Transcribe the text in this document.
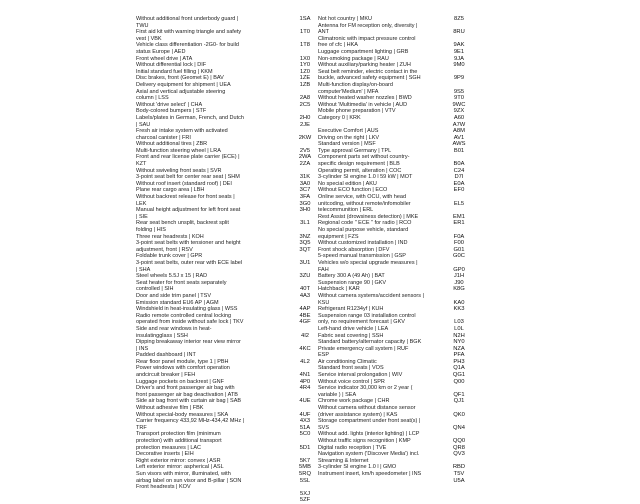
Without additional front underbody guard |
TWU
First aid kit with warning triangle and safety
vest | VBK
Vehicle class differentiation -2G0- for build
status Europe | AED
Front wheel drive | ATA
Without differential lock | DIF
Initial standard fuel filling | KKM
Disc brakes, front (Geomet E) | BAV
Delivery equipment for shipment | UEA
Axial and vertical adjustable steering
column | LSS
Without 'drive select' | CHA
Body-colored bumpers | STF
Labels/plates in German, French, and Dutch
| SAU
Fresh air intake system with activated
charcoal canister | FRI
Without additional tires | ZBR
Multi-function steering wheel | LRA
Front and rear license plate carrier (ECE) |
KZT
Without swiveling front seats | SVR
3-point seat belt for center rear seat | SHM
Without roof insert (standard roof) | DEI
Plane rear cargo area | LBH
Without backrest release for front seats |
LEK
Manual height adjustment for left front seat
| SIE
Rear seat bench unsplit, backrest split
folding | HIS
Three rear headrests | KOH
3-point seat belts with tensioner and height
adjustment, front | RSV
Foldable trunk cover | GPR
3-point seat belts, outer rear with ECE label
| SHA
Steel wheels 5.5J x 15 | RAD
Seat heater for front seats separately
controlled | SIH
Door and side trim panel | TSV
Emission standard EU6 AP | AGM
Windshield in heat-insulating glass | WSS
Radio remote controlled central locking
operated from inside without safe lock | TKV
Side and rear windows in heat-
insulatingglass | SSH
Dipping breakaway interior rear view mirror
| INS
Padded dashboard | INT
Rear floor panel module, type 1 | PBH
Power windows with comfort operation
andcircuit breaker | FEH
Luggage pockets on backrest | GNF
Driver's and front passenger air bag with
front passenger air bag deactivation | ATB
Side air bag front with curtain air bag | SAB
Without adhesive film | FBK
Without special-body measures | SKA
Carrier frequency 433,92 MHz-434,42 MHz |
TRF
Transport protection film (minimum
protection) with additional transport
protection measures | LAC
Decorative inserts | EIH
Right exterior mirror: convex | ASR
Left exterior mirror: aspherical | ASL
Sun visors with mirror, illuminated, with
airbag label on sun visor and B-pillar | SON
Front headrests | KOV
1SA
1T0
1T8
1X0
1Y0
1Z0
1ZE
1ZB
2A8
2C5
2H0
2JE
2KW
2V5
2WA
2ZA
31K
3A0
3C7
3FA
3G0
3H0
3L1
3NZ
3Q5
3QT
3U1
3ZU
40T
4A3
4AP
4BE
4GF
4I2
4KC
4L2
4N1
4P0
4R4
4UE
4UF
4X3
51A
5C0
5D1
5K7
5MB
5RQ
5SL
5XJ
5ZF
Not hot country | MKU
Antenna for FM reception only, diversity |
ANT
Climatronic with impact pressure control
free of cfc | HKA
Luggage compartment lighting | GRB
Non-smoking package | RAU
Without auxiliary/parking heater | ZUH
Seat belt reminder, electric contact in the
buckle, advanced safety equipment | SGH
Multi-function display/on-board
computer'Medium' | MFA
Without heated washer nozzles | BWD
Without 'Multimedia' in vehicle | AUD
Mobile phone preparation | VTV
Category 0 | KRK
Executive Comfort | AUS
Driving on the right | LKV
Standard version | MSF
Type approval Germany | TPL
Component parts set without country-
specific design requirement | BLB
Operating permit, alteration | COC
3-cylinder SI engine 1.0 l 59 kW | MOT
No special edition | AKU
Without ECO function | ECO
Online service, with OCU, with head
unitcoding, without remote/infomobiler
telecommunition | ERL
Rest Assist (drowsiness detection) | MKE
Regional code " ECE " for radio | RCO
No special purpose vehicle, standard
equipment | FZS
Without customized installation | IND
Front shock absorption | DFV
5-speed manual transmission | GSP
Vehicles w/o special upgrade measures |
FAH
Battery 300 A (49 Ah) | BAT
Suspension range 90 | GKV
Hatchback | KAR
Without camera systems/accident sensors |
KSU
Refrigerant R1234yf | KUH
Suspension range 03 installation control
only, no requirement forecast | GKV
Left-hand drive vehicle | LEA
Fabric seat covering | SSH
Standard battery/alternator capacity | BGK
Private emergency call system | RUF
ESP
Air conditioning Climatic
Standard front seats | VOS
Service interval prolongation | WIV
Without voice control | SPR
Service indicator 30,000 km or 2 year (
variable ) | SEA
Chrome work package | CHR
Without camera without distance sensor
(driver assistance system) | KAS
Storage compartment under front seat(s) |
SVS
Without add. lights (interior lighting) | LCP
Without traffic signs recognition | KMP
Digital radio reception | TVE
Navigation system ('Discover Media') incl.
Streaming & Internet
3-cylinder SI engine 1.0 l | GMO
Instrument insert, km/h speedometer | INS
8Z5
8RU
9AK
9E1
9JA
9M0
9P9
9S5
9T0
9WC
9ZX
A60
A7W
A8M
AV1
AWS
B01
B0A
C24
D7I
E0A
EF0
EL5
EM1
ER1
F0A
F00
G01
G0C
GP0
J1H
J90
K8G
KA0
KK3
L03
L0L
N2H
NY0
NZA
PFA
PH3
Q1A
QG1
Q00
QF1
QJ1
QK0
QN4
QQ0
QR8
QV3
RBD
T5V
U5A
